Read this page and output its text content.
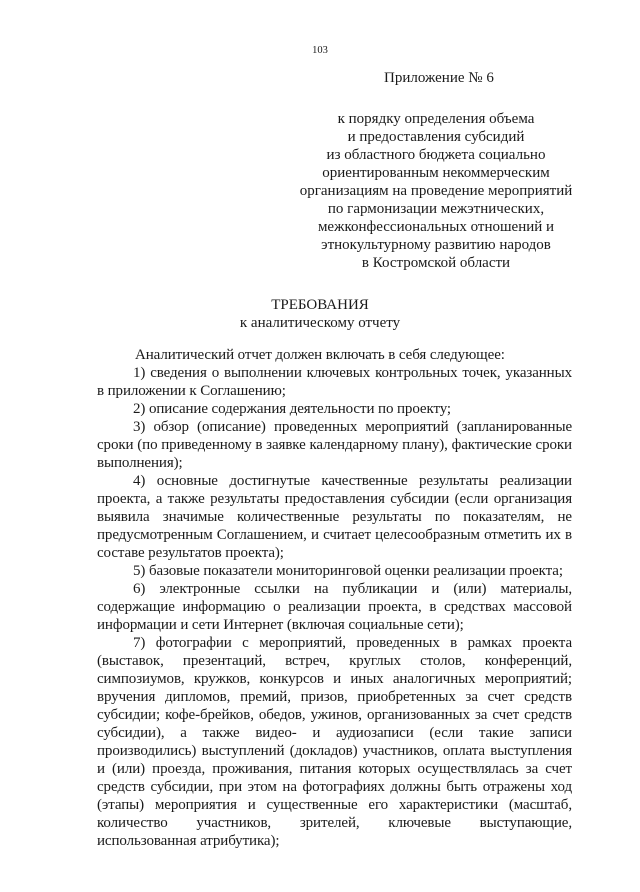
103
Приложение № 6
к порядку определения объема
и предоставления субсидий
из областного бюджета социально
ориентированным некоммерческим
организациям на проведение мероприятий
по гармонизации межэтнических,
межконфессиональных отношений и
этнокультурному развитию народов
в Костромской области
ТРЕБОВАНИЯ
к аналитическому отчету

Аналитический отчет должен включать в себя следующее:

1) сведения о выполнении ключевых контрольных точек, указанных в приложении к Соглашению;

2) описание содержания деятельности по проекту;

3) обзор (описание) проведенных мероприятий (запланированные сроки (по приведенному в заявке календарному плану), фактические сроки выполнения);

4) основные достигнутые качественные результаты реализации проекта, а также результаты предоставления субсидии (если организация выявила значимые количественные результаты по показателям, не предусмотренным Соглашением, и считает целесообразным отметить их в составе результатов проекта);

5) базовые показатели мониторинговой оценки реализации проекта;

6) электронные ссылки на публикации и (или) материалы, содержащие информацию о реализации проекта, в средствах массовой информации и сети Интернет (включая социальные сети);

7) фотографии с мероприятий, проведенных в рамках проекта (выставок, презентаций, встреч, круглых столов, конференций, симпозиумов, кружков, конкурсов и иных аналогичных мероприятий; вручения дипломов, премий, призов, приобретенных за счет средств субсидии; кофе-брейков, обедов, ужинов, организованных за счет средств субсидии), а также видео- и аудиозаписи (если такие записи производились) выступлений (докладов) участников, оплата выступления и (или) проезда, проживания, питания которых осуществлялась за счет средств субсидии, при этом на фотографиях должны быть отражены ход (этапы) мероприятия и существенные его характеристики (масштаб, количество участников, зрителей, ключевые выступающие, использованная атрибутика);
